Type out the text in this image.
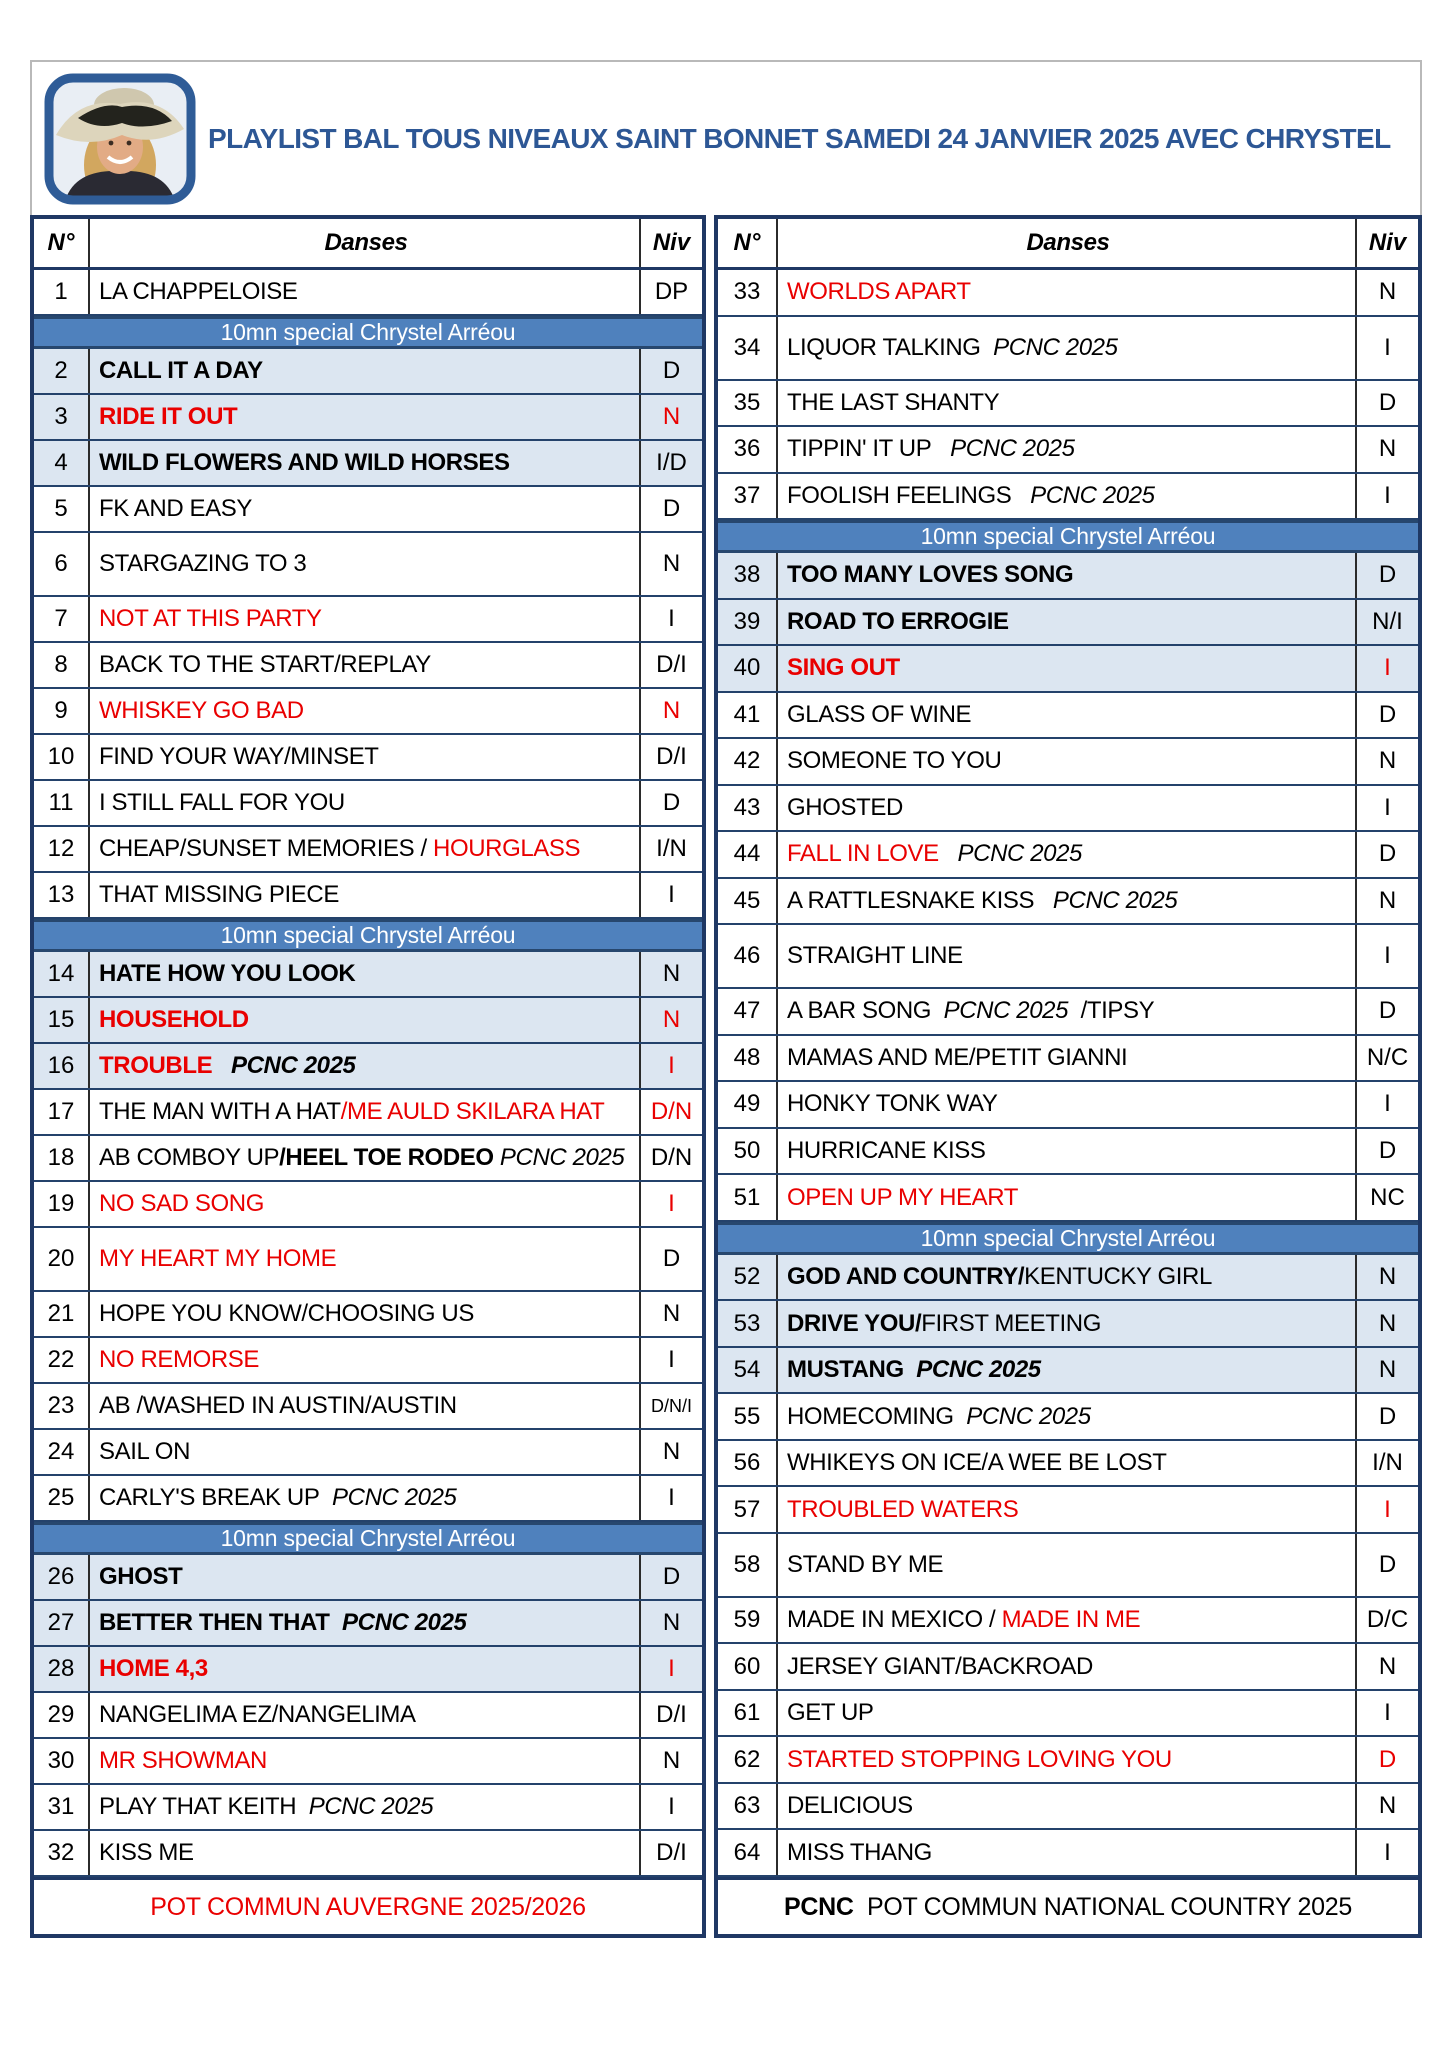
PLAYLIST BAL TOUS NIVEAUX SAINT BONNET SAMEDI 24 JANVIER 2025 AVEC CHRYSTEL
N°	Danses	Niv
1	LA CHAPPELOISE	DP
10mn special Chrystel Arréou
2	CALL IT A DAY	D
3	RIDE IT OUT	N
4	WILD FLOWERS AND WILD HORSES	I/D
5	FK AND EASY	D
6	STARGAZING TO 3	N
7	NOT AT THIS PARTY	I
8	BACK TO THE START/REPLAY	D/I
9	WHISKEY GO BAD	N
10	FIND YOUR WAY/MINSET	D/I
11	I STILL FALL FOR YOU	D
12	CHEAP/SUNSET MEMORIES / HOURGLASS	I/N
13	THAT MISSING PIECE	I
10mn special Chrystel Arréou
14	HATE HOW YOU LOOK	N
15	HOUSEHOLD	N
16	TROUBLE PCNC 2025	I
17	THE MAN WITH A HAT /ME AULD SKILARA HAT	D/N
18	AB COMBOY UP /HEEL TOE RODEO PCNC 2025	D/N
19	NO SAD SONG	I
20	MY HEART MY HOME	D
21	HOPE YOU KNOW/CHOOSING US	N
22	NO REMORSE	I
23	AB /WASHED IN AUSTIN/AUSTIN	D/N/I
24	SAIL ON	N
25	CARLY'S BREAK UP PCNC 2025	I
10mn special Chrystel Arréou
26	GHOST	D
27	BETTER THEN THAT PCNC 2025	N
28	HOME 4,3	I
29	NANGELIMA EZ/NANGELIMA	D/I
30	MR SHOWMAN	N
31	PLAY THAT KEITH PCNC 2025	I
32	KISS ME	D/I
POT COMMUN AUVERGNE 2025/2026
N°	Danses	Niv
33	WORLDS APART	N
34	LIQUOR TALKING PCNC 2025	I
35	THE LAST SHANTY	D
36	TIPPIN' IT UP PCNC 2025	N
37	FOOLISH FEELINGS PCNC 2025	I
10mn special Chrystel Arréou
38	TOO MANY LOVES SONG	D
39	ROAD TO ERROGIE	N/I
40	SING OUT	I
41	GLASS OF WINE	D
42	SOMEONE TO YOU	N
43	GHOSTED	I
44	FALL IN LOVE PCNC 2025	D
45	A RATTLESNAKE KISS PCNC 2025	N
46	STRAIGHT LINE	I
47	A BAR SONG PCNC 2025 /TIPSY	D
48	MAMAS AND ME/PETIT GIANNI	N/C
49	HONKY TONK WAY	I
50	HURRICANE KISS	D
51	OPEN UP MY HEART	NC
10mn special Chrystel Arréou
52	GOD AND COUNTRY/ KENTUCKY GIRL	N
53	DRIVE YOU/ FIRST MEETING	N
54	MUSTANG PCNC 2025	N
55	HOMECOMING PCNC 2025	D
56	WHIKEYS ON ICE/A WEE BE LOST	I/N
57	TROUBLED WATERS	I
58	STAND BY ME	D
59	MADE IN MEXICO / MADE IN ME	D/C
60	JERSEY GIANT/BACKROAD	N
61	GET UP	I
62	STARTED STOPPING LOVING YOU	D
63	DELICIOUS	N
64	MISS THANG	I
PCNC POT COMMUN NATIONAL COUNTRY 2025
